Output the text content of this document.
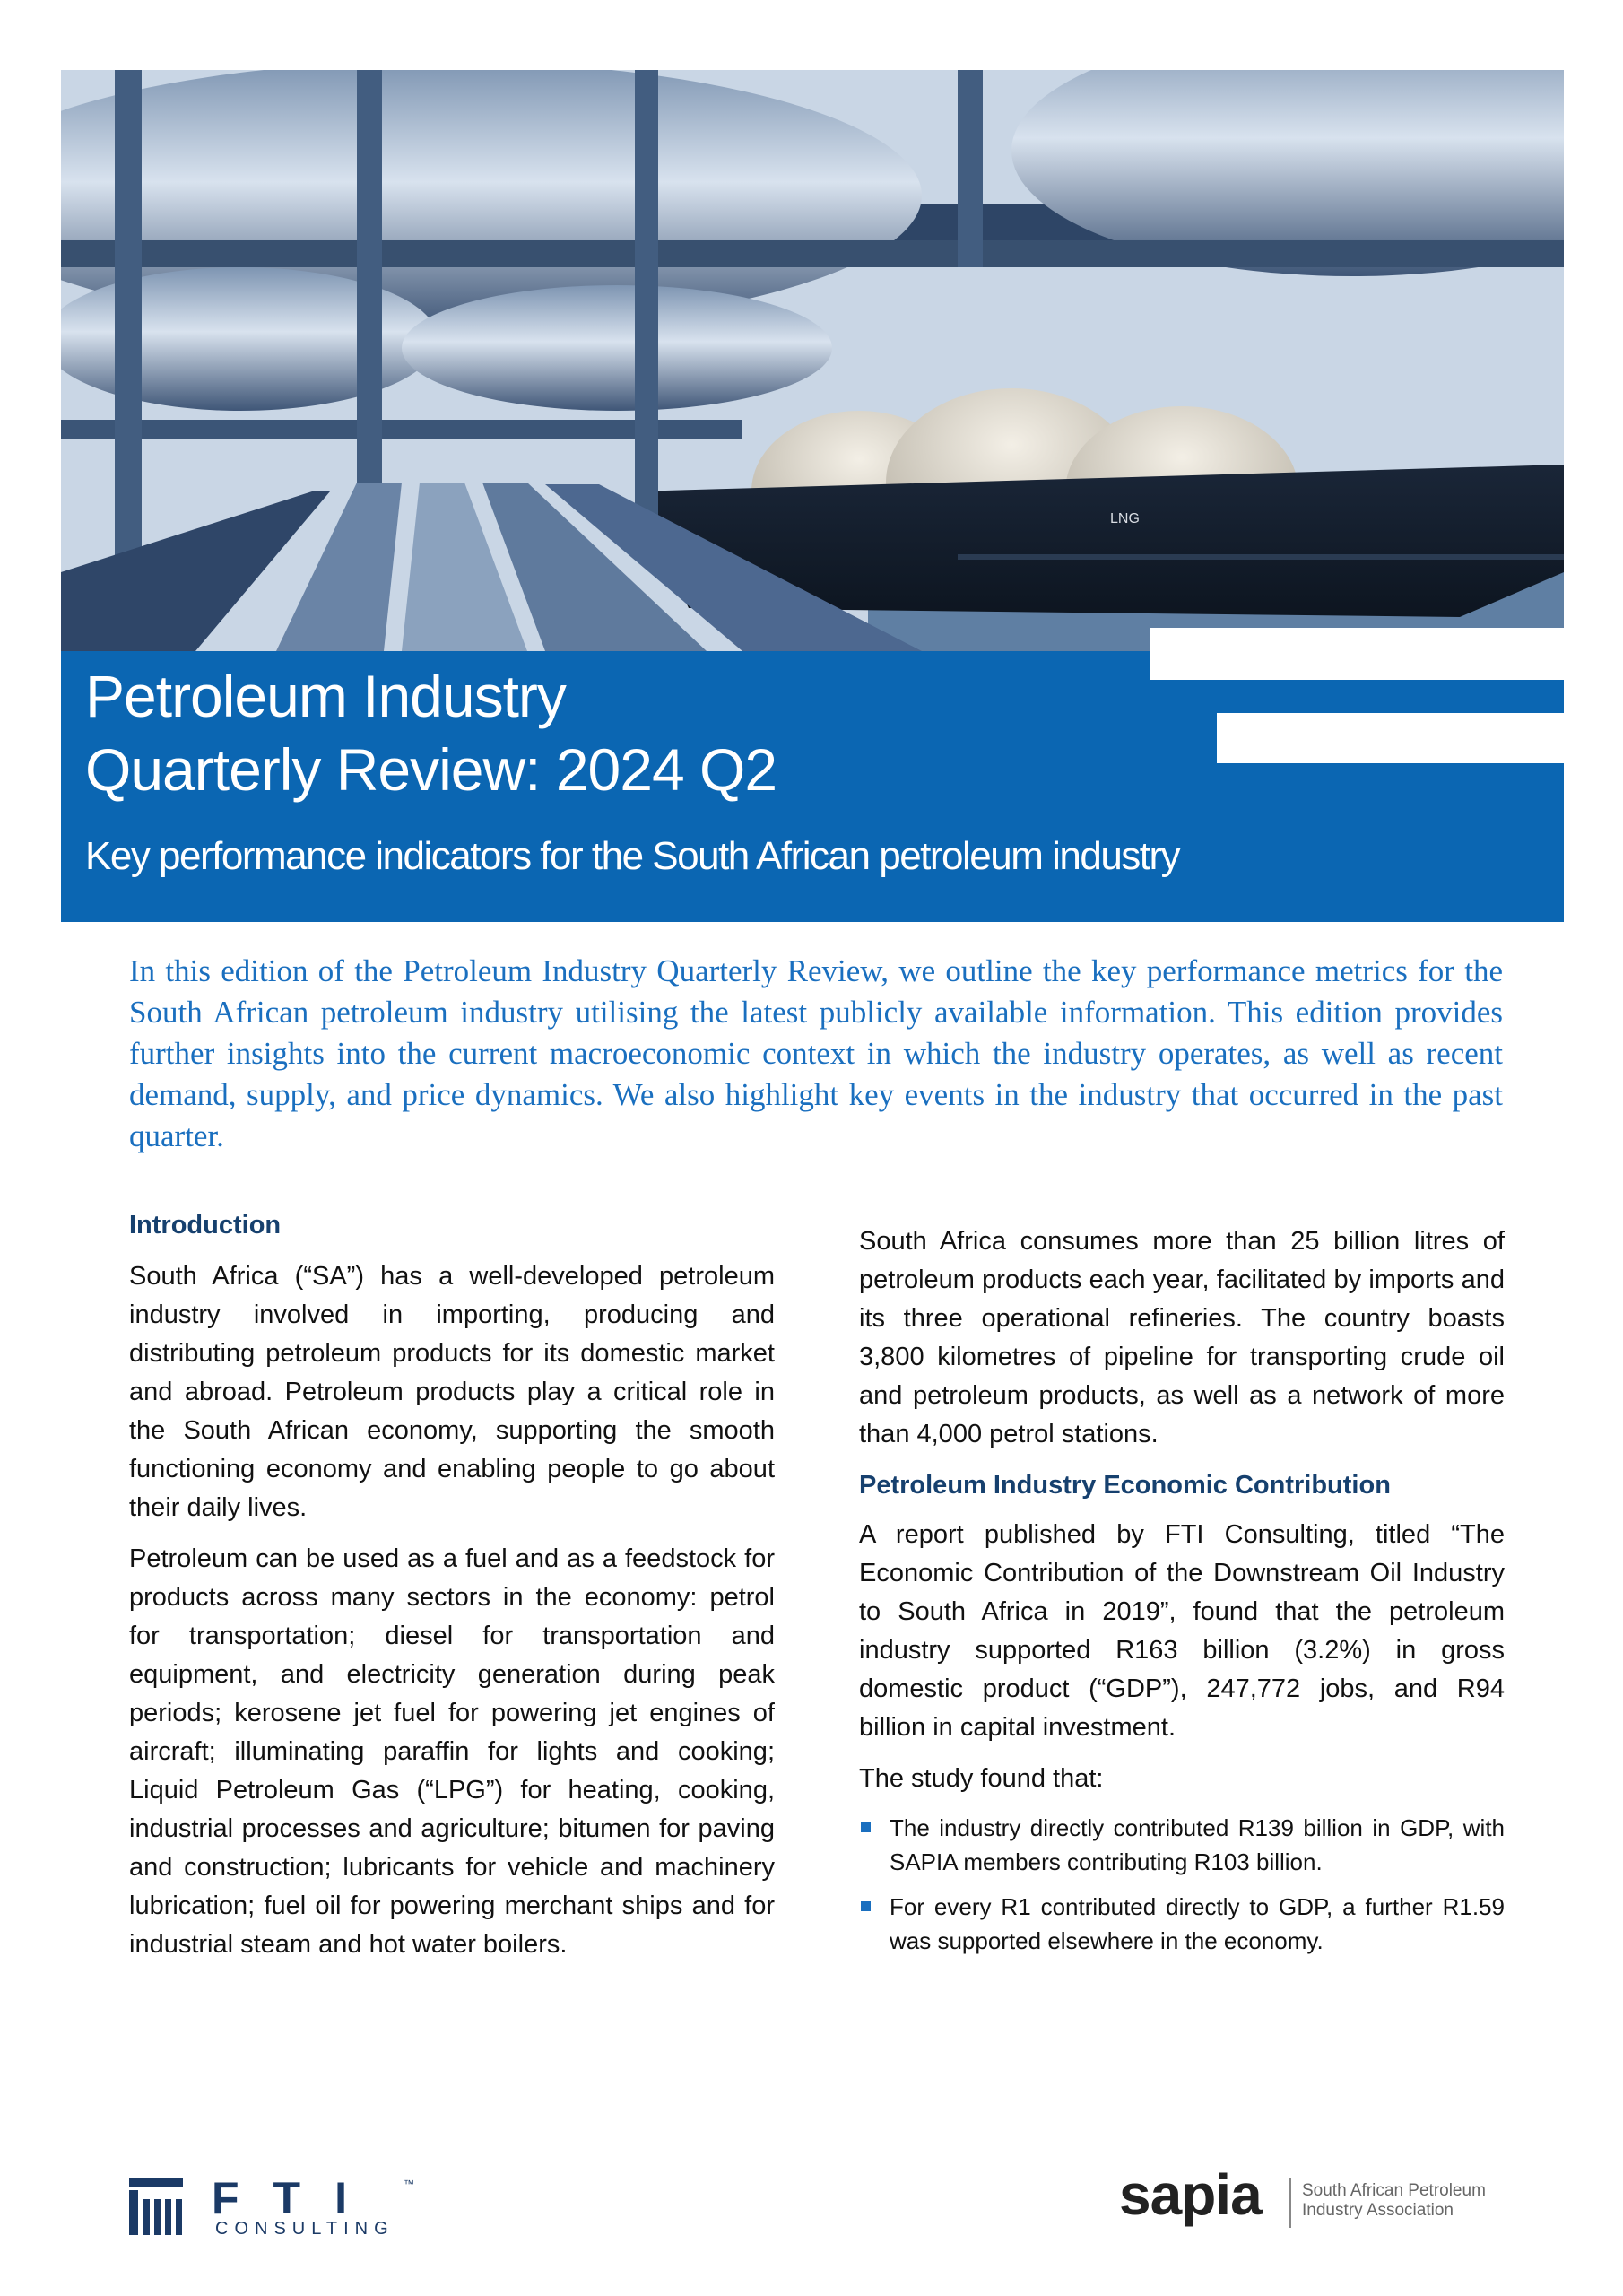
LNG
Petroleum Industry
Quarterly Review: 2024 Q2
Key performance indicators for the South African petroleum industry
In this edition of the Petroleum Industry Quarterly Review, we outline the key performance metrics for the South African petroleum industry utilising the latest publicly available information. This edition provides further insights into the current macroeconomic context in which the industry operates, as well as recent demand, supply, and price dynamics. We also highlight key events in the industry that occurred in the past quarter.
Introduction

South Africa (“SA”) has a well-developed petroleum industry involved in importing, producing and distributing petroleum products for its domestic market and abroad. Petroleum products play a critical role in the South African economy, supporting the smooth functioning economy and enabling people to go about their daily lives.

Petroleum can be used as a fuel and as a feedstock for products across many sectors in the economy: petrol for transportation; diesel for transportation and equipment, and electricity generation during peak periods; kerosene jet fuel for powering jet engines of aircraft; illuminating paraffin for lights and cooking; Liquid Petroleum Gas (“LPG”) for heating, cooking, industrial processes and agriculture; bitumen for paving and construction; lubricants for vehicle and machinery lubrication; fuel oil for powering merchant ships and for industrial steam and hot water boilers.

South Africa consumes more than 25 billion litres of petroleum products each year, facilitated by imports and its three operational refineries. The country boasts 3,800 kilometres of pipeline for transporting crude oil and petroleum products, as well as a network of more than 4,000 petrol stations.

Petroleum Industry Economic Contribution

A report published by FTI Consulting, titled “The Economic Contribution of the Downstream Oil Industry to South Africa in 2019”, found that the petroleum industry supported R163 billion (3.2%) in gross domestic product (“GDP”), 247,772 jobs, and R94 billion in capital investment.

The study found that:

The industry directly contributed R139 billion in GDP, with SAPIA members contributing R103 billion.
For every R1 contributed directly to GDP, a further R1.59 was supported elsewhere in the economy.
FTI ™
CONSULTING
sapia South African Petroleum
Industry Association
